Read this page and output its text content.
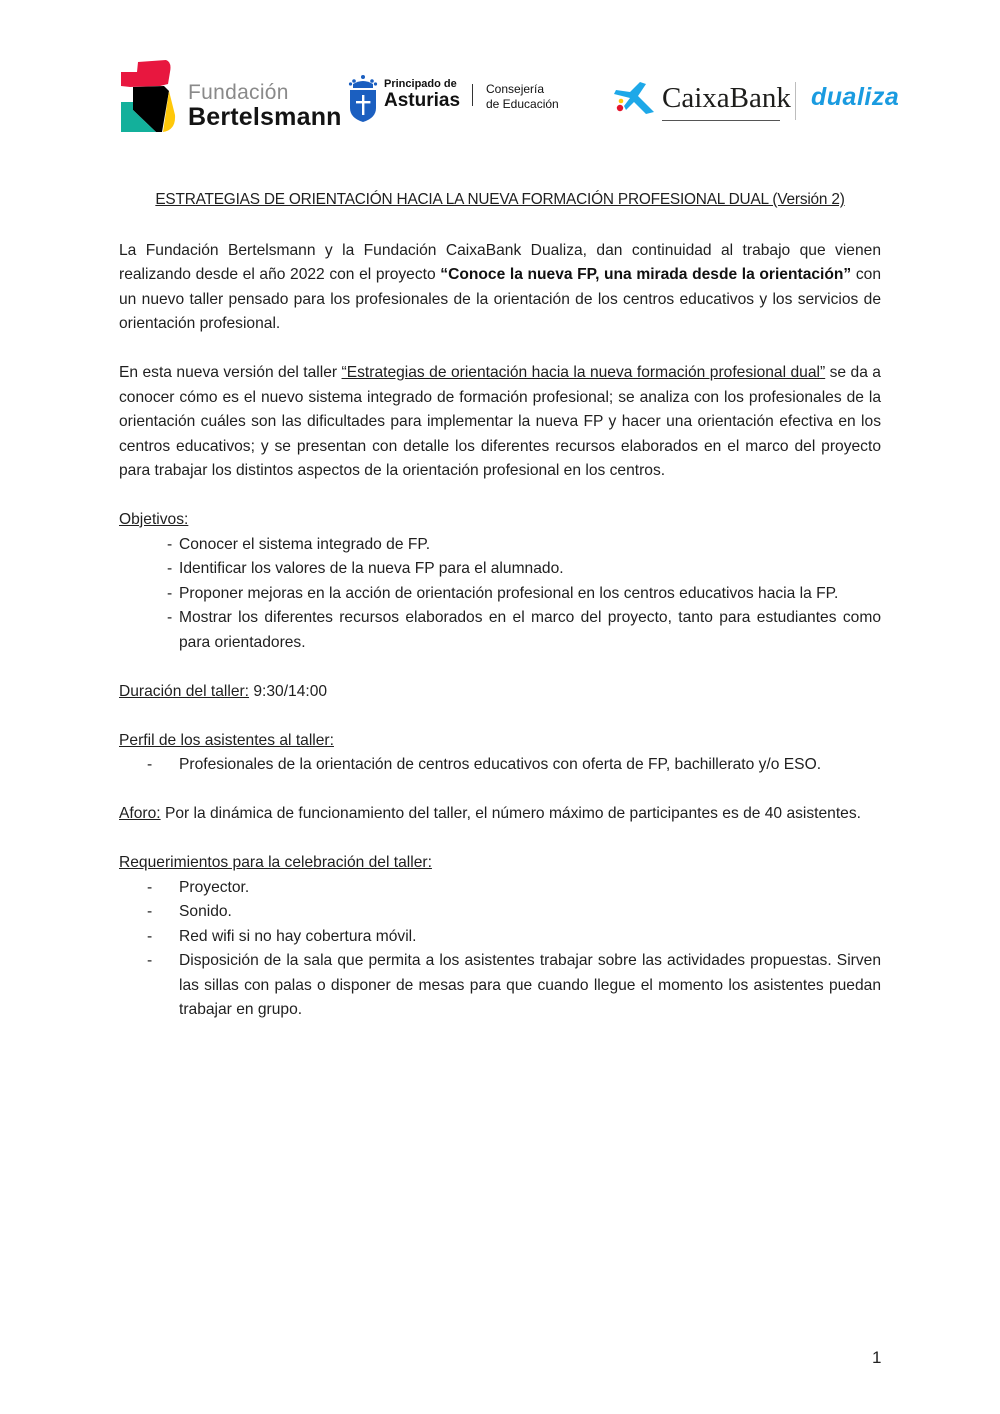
Fundación
Bertelsmann
Principado de
Asturias
Consejería
de Educación	CaixaBank dualiza
ESTRATEGIAS DE ORIENTACIÓN HACIA LA NUEVA FORMACIÓN PROFESIONAL DUAL (Versión 2)

La Fundación Bertelsmann y la Fundación CaixaBank Dualiza, dan continuidad al trabajo que vienen realizando desde el año 2022 con el proyecto “Conoce la nueva FP, una mirada desde la orientación” con un nuevo taller pensado para los profesionales de la orientación de los centros educativos y los servicios de orientación profesional.

En esta nueva versión del taller “Estrategias de orientación hacia la nueva formación profesional dual” se da a conocer cómo es el nuevo sistema integrado de formación profesional; se analiza con los profesionales de la orientación cuáles son las dificultades para implementar la nueva FP y hacer una orientación efectiva en los centros educativos; y se presentan con detalle los diferentes recursos elaborados en el marco del proyecto para trabajar los distintos aspectos de la orientación profesional en los centros.

Objetivos:
- Conocer el sistema integrado de FP.
- Identificar los valores de la nueva FP para el alumnado.
- Proponer mejoras en la acción de orientación profesional en los centros educativos hacia la FP.
- Mostrar los diferentes recursos elaborados en el marco del proyecto, tanto para estudiantes como para orientadores.
Duración del taller: 9:30/14:00
Perfil de los asistentes al taller:
- Profesionales de la orientación de centros educativos con oferta de FP, bachillerato y/o ESO.

Aforo: Por la dinámica de funcionamiento del taller, el número máximo de participantes es de 40 asistentes.

Requerimientos para la celebración del taller:
- Proyector.
- Sonido.
- Red wifi si no hay cobertura móvil.
- Disposición de la sala que permita a los asistentes trabajar sobre las actividades propuestas. Sirven las sillas con palas o disponer de mesas para que cuando llegue el momento los asistentes puedan trabajar en grupo.
1
